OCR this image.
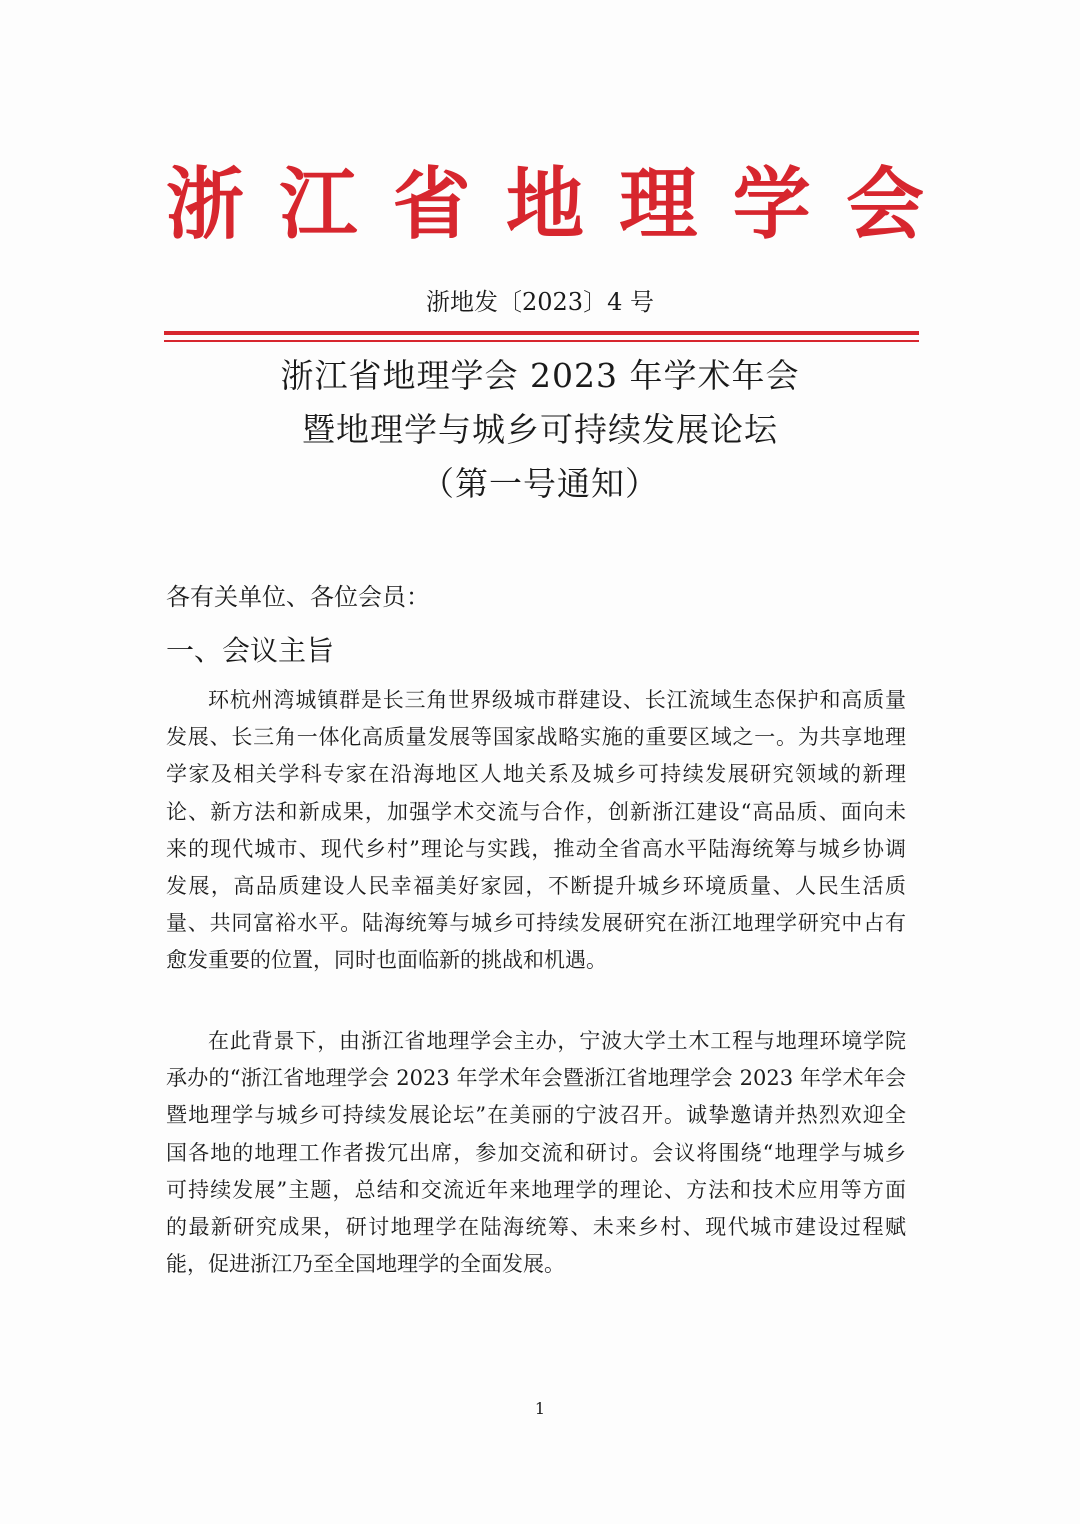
浙 江 省 地 理 学 会
浙地发〔2023〕4 号
浙江省地理学会 2023 年学术年会
暨地理学与城乡可持续发展论坛
（第一号通知）
各有关单位、各位会员：
一、会议主旨
环杭州湾城镇群是长三角世界级城市群建设、长江流域生态保护和高质量
发展、长三角一体化高质量发展等国家战略实施的重要区域之一。为共享地理
学家及相关学科专家在沿海地区人地关系及城乡可持续发展研究领域的新理
论、新方法和新成果，加强学术交流与合作，创新浙江建设“高品质、面向未
来的现代城市、现代乡村”理论与实践，推动全省高水平陆海统筹与城乡协调
发展，高品质建设人民幸福美好家园，不断提升城乡环境质量、人民生活质
量、共同富裕水平。陆海统筹与城乡可持续发展研究在浙江地理学研究中占有
愈发重要的位置，同时也面临新的挑战和机遇。
在此背景下，由浙江省地理学会主办，宁波大学土木工程与地理环境学院
承办的“浙江省地理学会 2023 年学术年会暨浙江省地理学会 2023 年学术年会
暨地理学与城乡可持续发展论坛”在美丽的宁波召开。诚挚邀请并热烈欢迎全
国各地的地理工作者拨冗出席，参加交流和研讨。会议将围绕“地理学与城乡
可持续发展”主题，总结和交流近年来地理学的理论、方法和技术应用等方面
的最新研究成果，研讨地理学在陆海统筹、未来乡村、现代城市建设过程赋
能，促进浙江乃至全国地理学的全面发展。
1
